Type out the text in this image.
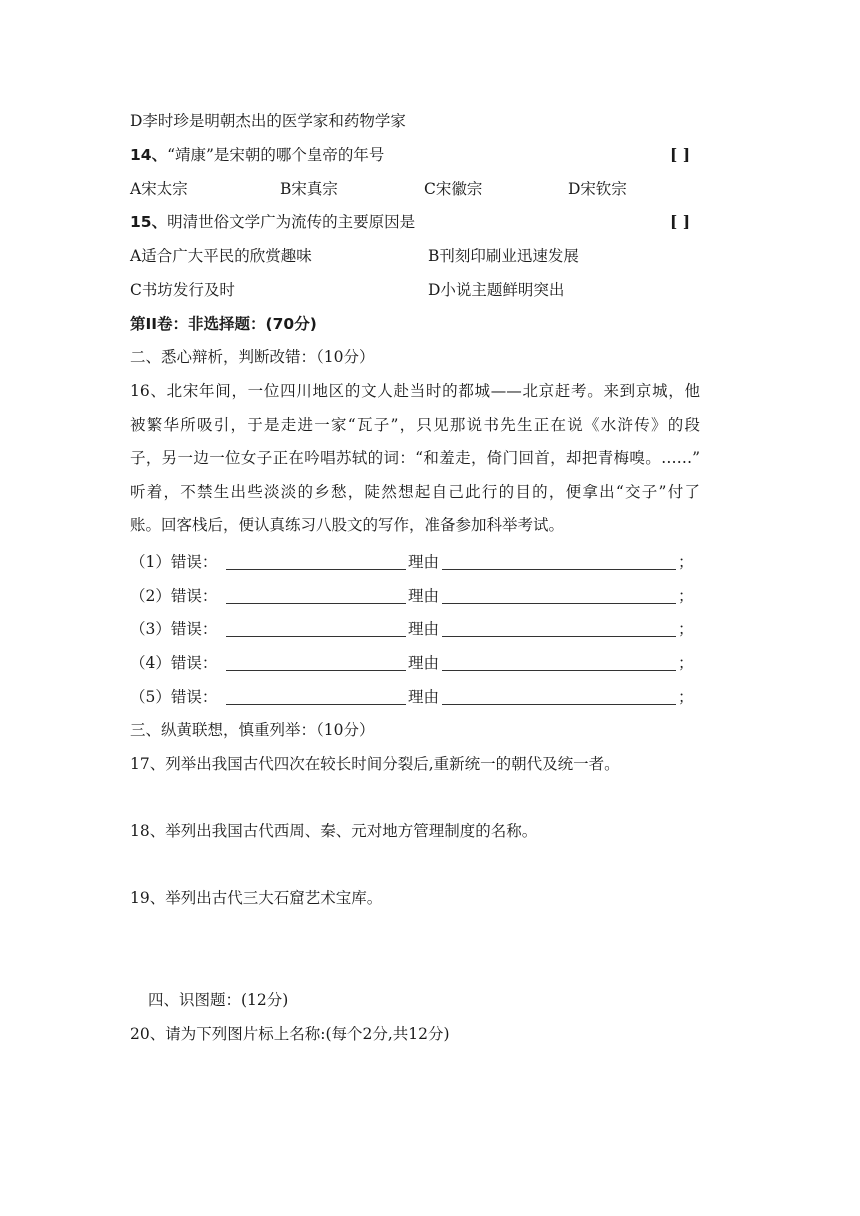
D李时珍是明朝杰出的医学家和药物学家
14、“靖康”是宋朝的哪个皇帝的年号	[ ]
A宋太宗	B宋真宗	C宋徽宗	D宋钦宗
15、明清世俗文学广为流传的主要原因是	[ ]
A适合广大平民的欣赏趣味	B刊刻印刷业迅速发展
C书坊发行及时	D小说主题鲜明突出
第II卷：非选择题：(70分)
二、悉心辩析，判断改错：（10分）
16、北宋年间，一位四川地区的文人赴当时的都城——北京赶考。来到京城，他
被繁华所吸引，于是走进一家“瓦子”，只见那说书先生正在说《水浒传》的段
子，另一边一位女子正在吟唱苏轼的词：“和羞走，倚门回首，却把青梅嗅。……”
听着，不禁生出些淡淡的乡愁，陡然想起自己此行的目的，便拿出“交子”付了
账。回客栈后，便认真练习八股文的写作，准备参加科举考试。
（1）错误：	理由	；
（2）错误：	理由	；
（3）错误：	理由	；
（4）错误：	理由	；
（5）错误：	理由	；
三、纵黄联想，慎重列举：（10分）
17、列举出我国古代四次在较长时间分裂后,重新统一的朝代及统一者。
18、举列出我国古代西周、秦、元对地方管理制度的名称。
19、举列出古代三大石窟艺术宝库。
四、识图题：(12分)
20、请为下列图片标上名称:(每个2分,共12分)
